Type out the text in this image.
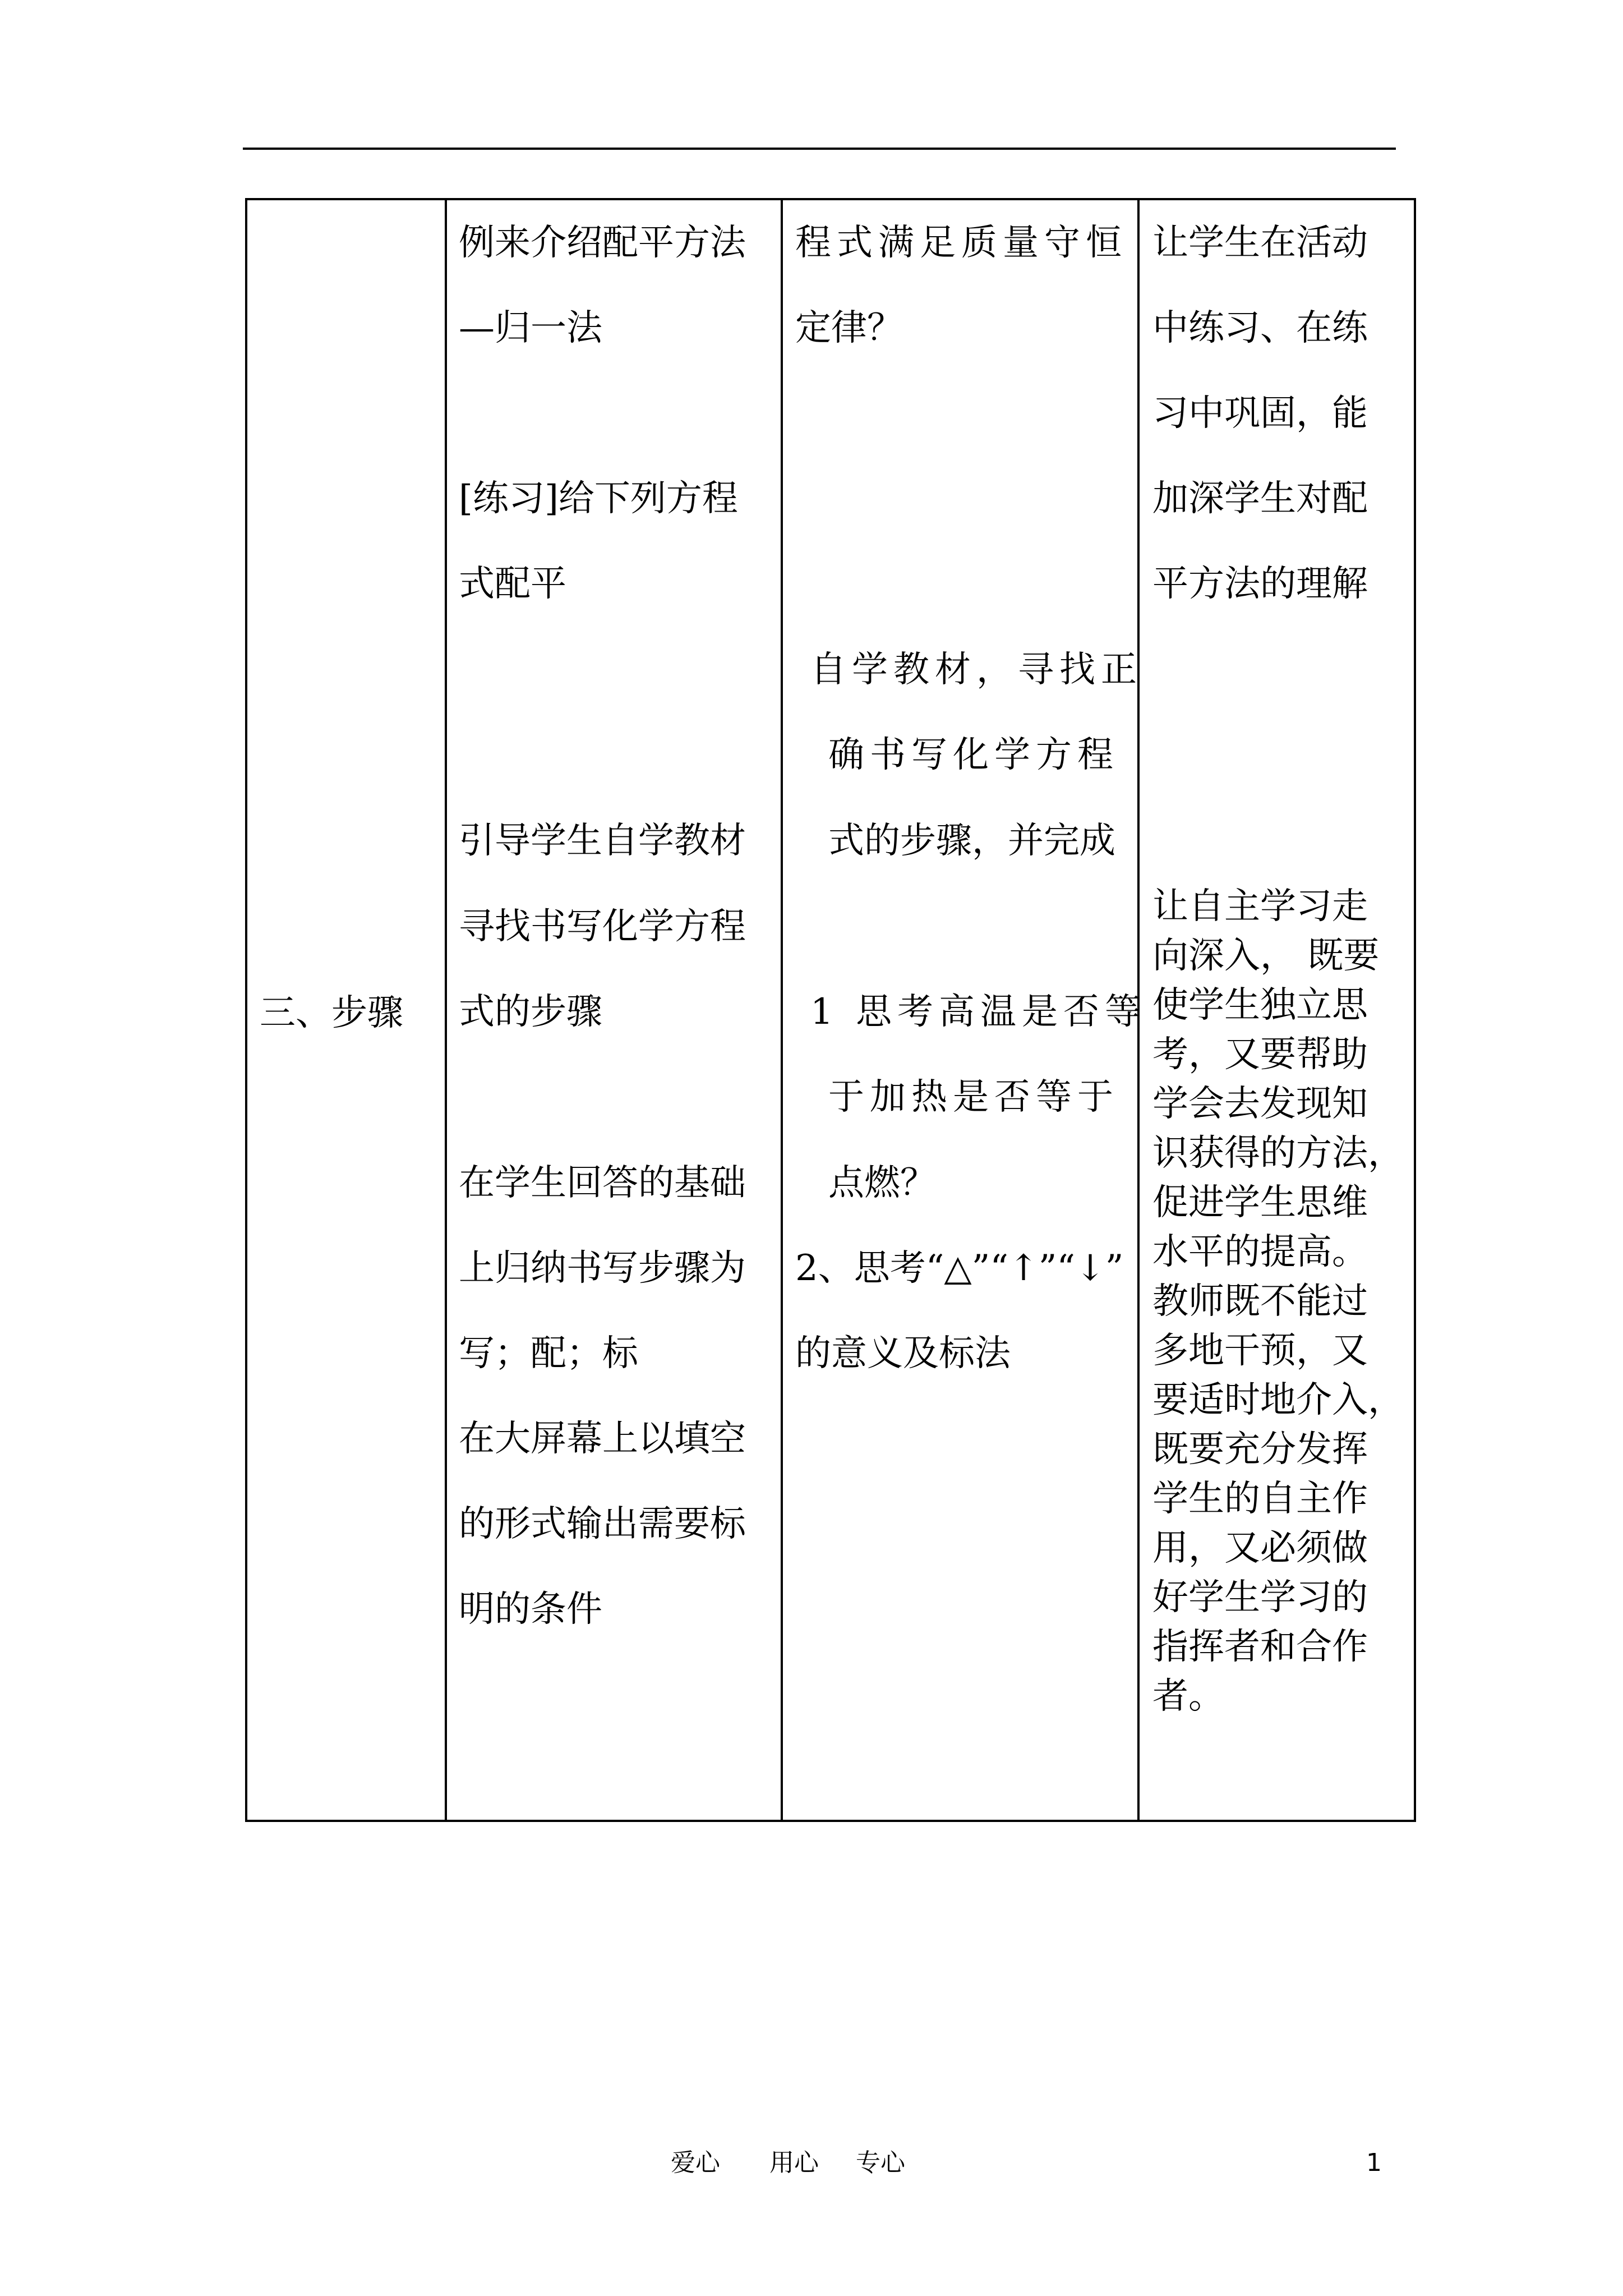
三、步骤
例来介绍配平方法
—归一法
[练习]给下列方程
式配平
引导学生自学教材
寻找书写化学方程
式的步骤
在学生回答的基础
上归纳书写步骤为
写；配；标
在大屏幕上以填空
的形式输出需要标
明的条件
程式满足质量守恒
定律？
自学教材，寻找正
确书写化学方程
式的步骤，并完成
1 思考高温是否等
于加热是否等于
点燃？
2、思考“△”“↑”“↓”
的意义及标法
让学生在活动
中练习、在练
习中巩固，能
加深学生对配
平方法的理解
让自主学习走
向深入， 既要
使学生独立思
考，又要帮助
学会去发现知
识获得的方法，
促进学生思维
水平的提高。
教师既不能过
多地干预，又
要适时地介入，
既要充分发挥
学生的自主作
用，又必须做
好学生学习的
指挥者和合作
者。
爱心 用心 专心	1
